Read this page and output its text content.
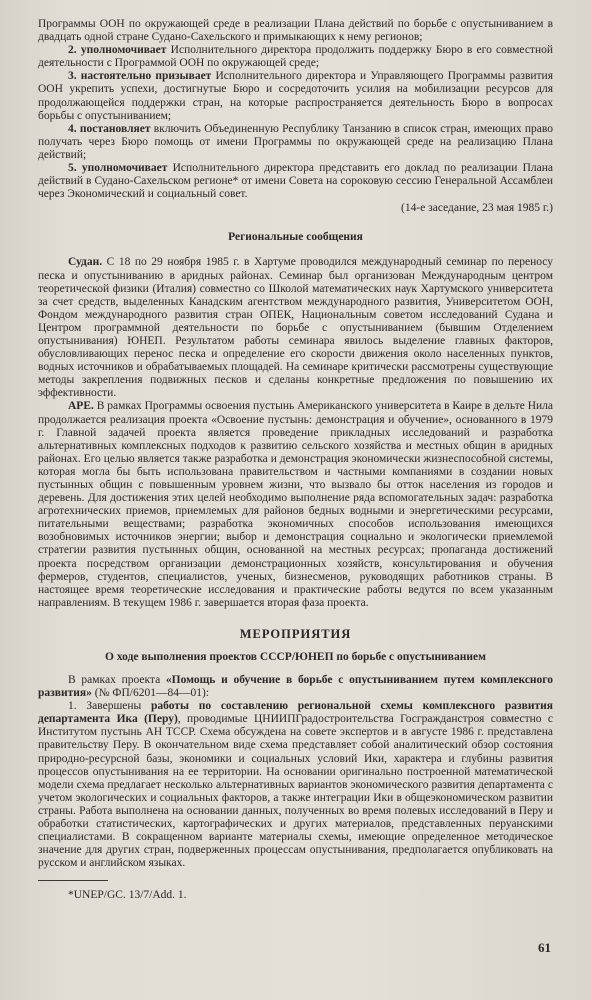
Программы ООН по окружающей среде в реализации Плана действий по борьбе с опустыниванием в двадцать одной стране Судано-Сахельского и примыкающих к нему регионов;

2. уполномочивает Исполнительного директора продолжить поддержку Бюро в его совместной деятельности с Программой ООН по окружающей среде;

3. настоятельно призывает Исполнительного директора и Управляющего Программы развития ООН укрепить успехи, достигнутые Бюро и сосредоточить усилия на мобилизации ресурсов для продолжающейся поддержки стран, на которые распространяется деятельность Бюро в вопросах борьбы с опустыниванием;

4. постановляет включить Объединенную Республику Танзанию в список стран, имеющих право получать через Бюро помощь от имени Программы по окружающей среде на реализацию Плана действий;

5. уполномочивает Исполнительного директора представить его доклад по реализации Плана действий в Судано-Сахельском регионе* от имени Совета на сороковую сессию Генеральной Ассамблеи через Экономический и социальный совет.

(14-е заседание, 23 мая 1985 г.)

Региональные сообщения

Судан. С 18 по 29 ноября 1985 г. в Хартуме проводился международный семинар по переносу песка и опустыниванию в аридных районах. Семинар был организован Международным центром теоретической физики (Италия) совместно со Школой математических наук Хартумского университета за счет средств, выделенных Канадским агентством международного развития, Университетом ООН, Фондом международного развития стран ОПЕК, Национальным советом исследований Судана и Центром программной деятельности по борьбе с опустыниванием (бывшим Отделением опустынивания) ЮНЕП. Результатом работы семинара явилось выделение главных факторов, обусловливающих перенос песка и определение его скорости движения около населенных пунктов, водных источников и обрабатываемых площадей. На семинаре критически рассмотрены существующие методы закрепления подвижных песков и сделаны конкретные предложения по повышению их эффективности.

АРЕ. В рамках Программы освоения пустынь Американского университета в Каире в дельте Нила продолжается реализация проекта «Освоение пустынь: демонстрация и обучение», основанного в 1979 г. Главной задачей проекта является проведение прикладных исследований и разработка альтернативных комплексных подходов к развитию сельского хозяйства и местных общин в аридных районах. Его целью является также разработка и демонстрация экономически жизнеспособной системы, которая могла бы быть использована правительством и частными компаниями в создании новых пустынных общин с повышенным уровнем жизни, что вызвало бы отток населения из городов и деревень. Для достижения этих целей необходимо выполнение ряда вспомогательных задач: разработка агротехнических приемов, приемлемых для районов бедных водными и энергетическими ресурсами, питательными веществами; разработка экономичных способов использования имеющихся возобновимых источников энергии; выбор и демонстрация социально и экологически приемлемой стратегии развития пустынных общин, основанной на местных ресурсах; пропаганда достижений проекта посредством организации демонстрационных хозяйств, консультирования и обучения фермеров, студентов, специалистов, ученых, бизнесменов, руководящих работников страны. В настоящее время теоретические исследования и практические работы ведутся по всем указанным направлениям. В текущем 1986 г. завершается вторая фаза проекта.

МЕРОПРИЯТИЯ
О ходе выполнения проектов СССР/ЮНЕП по борьбе с опустыниванием

В рамках проекта «Помощь и обучение в борьбе с опустыниванием путем комплексного развития» (№ ФП/6201—84—01):

1. Завершены работы по составлению региональной схемы комплексного развития департамента Ика (Перу), проводимые ЦНИИПГрадостроительства Госгражданстроя совместно с Институтом пустынь АН ТССР. Схема обсуждена на совете экспертов и в августе 1986 г. представлена правительству Перу. В окончательном виде схема представляет собой аналитический обзор состояния природно-ресурсной базы, экономики и социальных условий Ики, характера и глубины развития процессов опустынивания на ее территории. На основании оригинально построенной математической модели схема предлагает несколько альтернативных вариантов экономического развития департамента с учетом экологических и социальных факторов, а также интеграции Ики в общеэкономическом развитии страны. Работа выполнена на основании данных, полученных во время полевых исследований в Перу и обработки статистических, картографических и других материалов, представленных перуанскими специалистами. В сокращенном варианте материалы схемы, имеющие определенное методическое значение для других стран, подверженных процессам опустынивания, предполагается опубликовать на русском и английском языках.

*UNEP/GC. 13/7/Add. 1.

61
